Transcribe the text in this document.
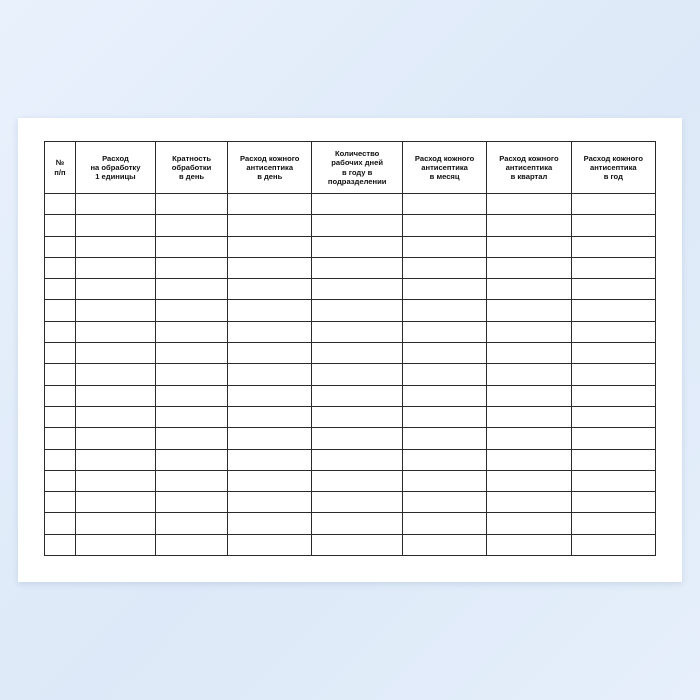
№
п/п	Расход
на обработку
1 единицы	Кратность
обработки
в день	Расход кожного
антисептика
в день	Количество
рабочих дней
в году в
подразделении	Расход кожного
антисептика
в месяц	Расход кожного
антисептика
в квартал	Расход кожного
антисептика
в год
